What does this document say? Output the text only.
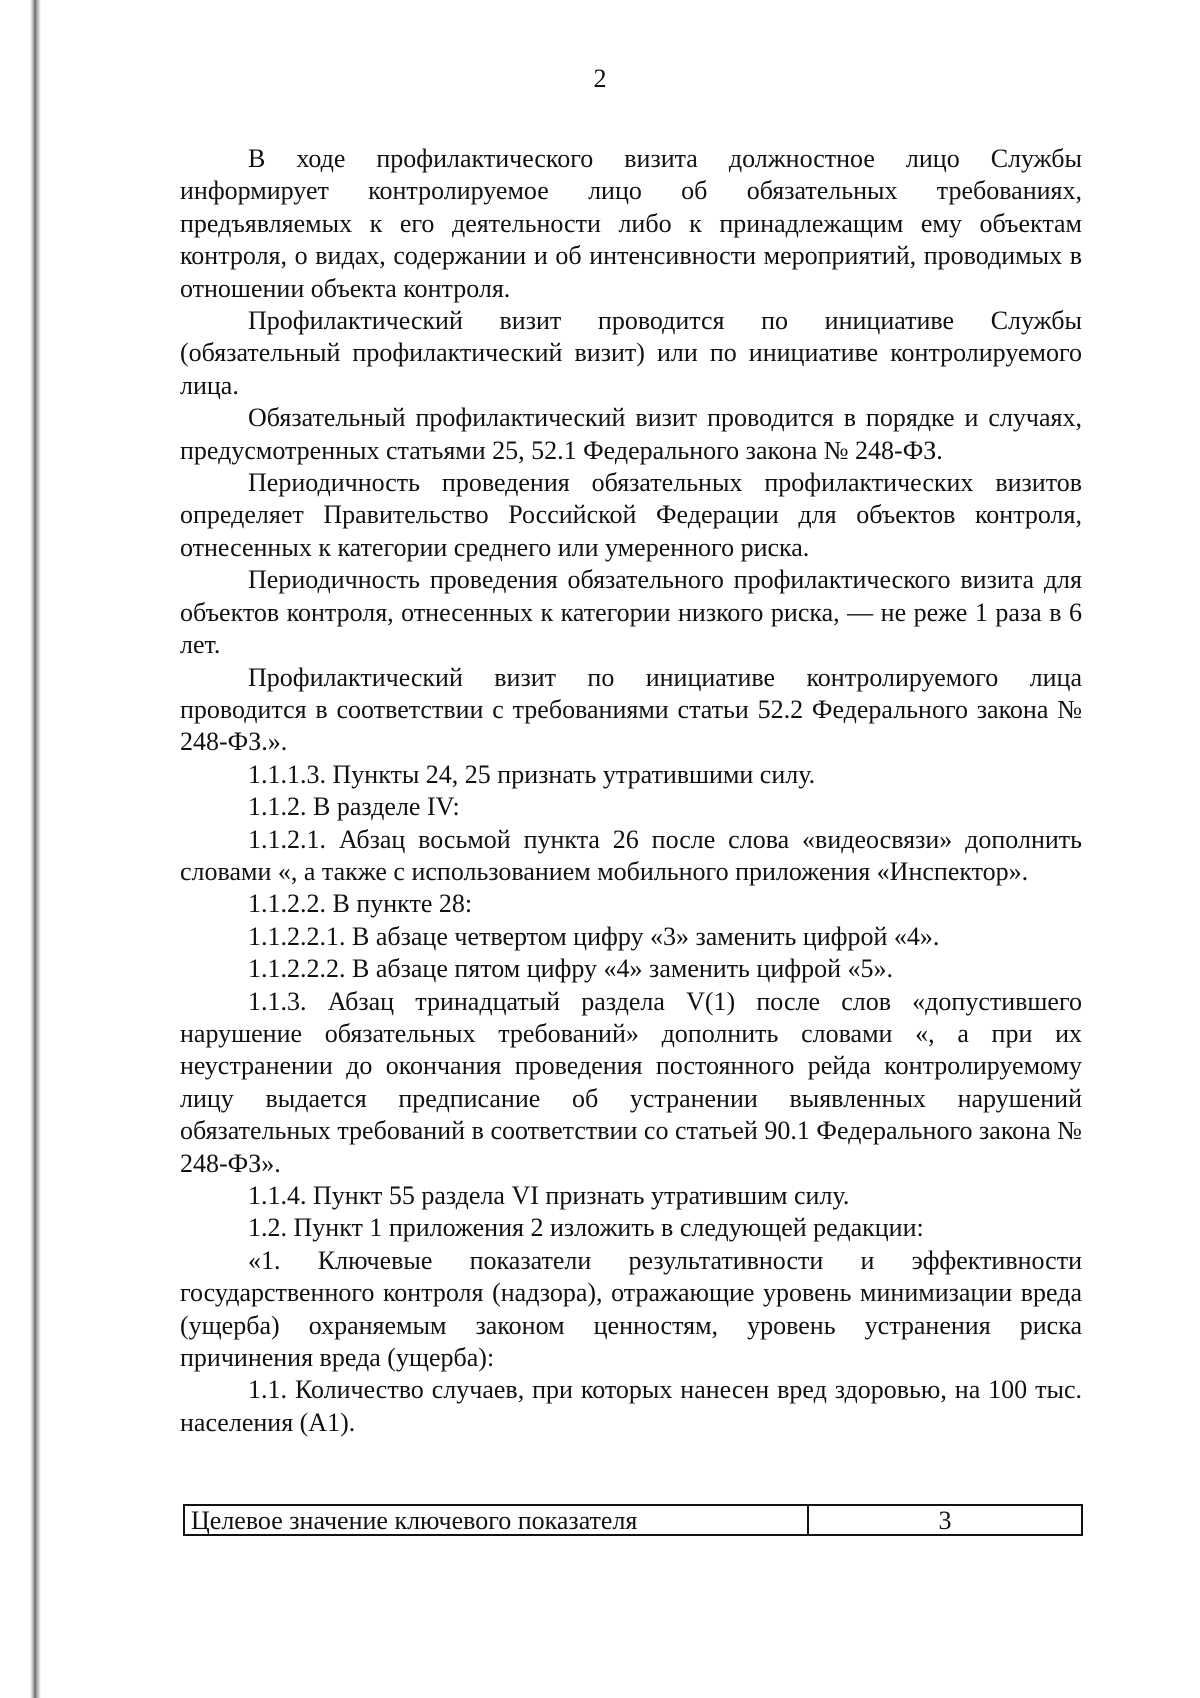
2

В ходе профилактического визита должностное лицо Службы информирует контролируемое лицо об обязательных требованиях, предъявляемых к его деятельности либо к принадлежащим ему объектам контроля, о видах, содержании и об интенсивности мероприятий, проводимых в отношении объекта контроля.

Профилактический визит проводится по инициативе Службы (обязательный профилактический визит) или по инициативе контролируемого лица.

Обязательный профилактический визит проводится в порядке и случаях, предусмотренных статьями 25, 52.1 Федерального закона № 248-ФЗ.

Периодичность проведения обязательных профилактических визитов определяет Правительство Российской Федерации для объектов контроля, отнесенных к категории среднего или умеренного риска.

Периодичность проведения обязательного профилактического визита для объектов контроля, отнесенных к категории низкого риска, — не реже 1 раза в 6 лет.

Профилактический визит по инициативе контролируемого лица проводится в соответствии с требованиями статьи 52.2 Федерального закона № 248-ФЗ.».

1.1.1.3. Пункты 24, 25 признать утратившими силу.

1.1.2. В разделе IV:

1.1.2.1. Абзац восьмой пункта 26 после слова «видеосвязи» дополнить словами «, а также с использованием мобильного приложения «Инспектор».

1.1.2.2. В пункте 28:

1.1.2.2.1. В абзаце четвертом цифру «3» заменить цифрой «4».

1.1.2.2.2. В абзаце пятом цифру «4» заменить цифрой «5».

1.1.3. Абзац тринадцатый раздела V(1) после слов «допустившего нарушение обязательных требований» дополнить словами «, а при их неустранении до окончания проведения постоянного рейда контролируемому лицу выдается предписание об устранении выявленных нарушений обязательных требований в соответствии со статьей 90.1 Федерального закона № 248-ФЗ».

1.1.4. Пункт 55 раздела VI признать утратившим силу.

1.2. Пункт 1 приложения 2 изложить в следующей редакции:

«1. Ключевые показатели результативности и эффективности государственного контроля (надзора), отражающие уровень минимизации вреда (ущерба) охраняемым законом ценностям, уровень устранения риска причинения вреда (ущерба):

1.1. Количество случаев, при которых нанесен вред здоровью, на 100 тыс. населения (А1).

Целевое значение ключевого показателя	3
